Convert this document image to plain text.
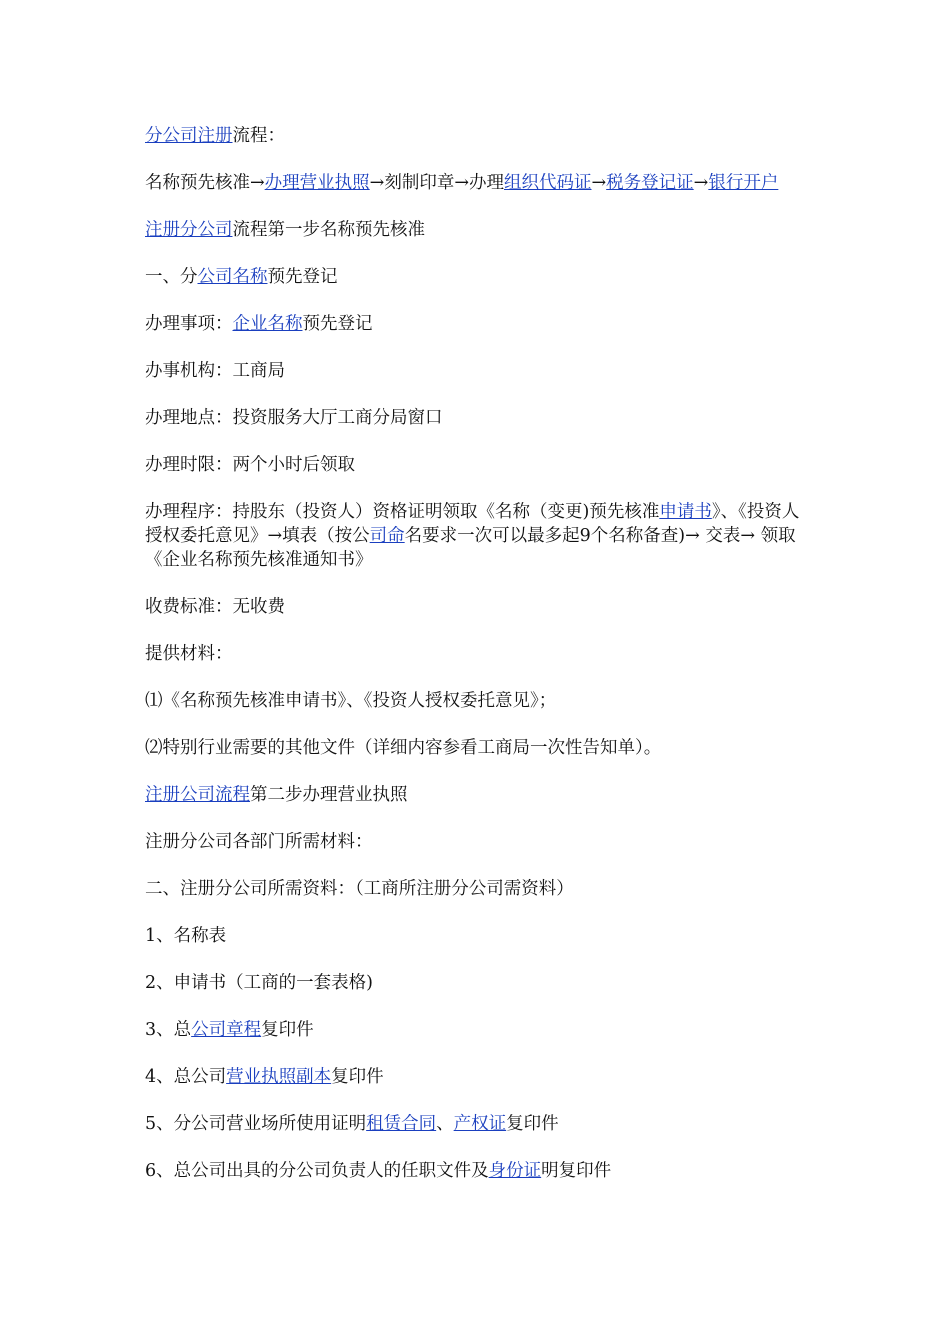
分公司注册流程：

名称预先核准→办理营业执照→刻制印章→办理组织代码证→税务登记证→银行开户

注册分公司流程第一步名称预先核准

一、分公司名称预先登记

办理事项：企业名称预先登记

办事机构：工商局

办理地点：投资服务大厅工商分局窗口

办理时限：两个小时后领取

办理程序：持股东（投资人）资格证明领取《名称（变更)预先核准申请书》、《投资人授权委托意见》→填表（按公司命名要求一次可以最多起9个名称备查)→ 交表→ 领取《企业名称预先核准通知书》

收费标准：无收费

提供材料：

⑴《名称预先核准申请书》、《投资人授权委托意见》；

⑵特别行业需要的其他文件（详细内容参看工商局一次性告知单）。

注册公司流程第二步办理营业执照

注册分公司各部门所需材料：

二、注册分公司所需资料：（工商所注册分公司需资料）

1、名称表

2、申请书（工商的一套表格)

3、总公司章程复印件

4、总公司营业执照副本复印件

5、分公司营业场所使用证明租赁合同、产权证复印件

6、总公司出具的分公司负责人的任职文件及身份证明复印件
